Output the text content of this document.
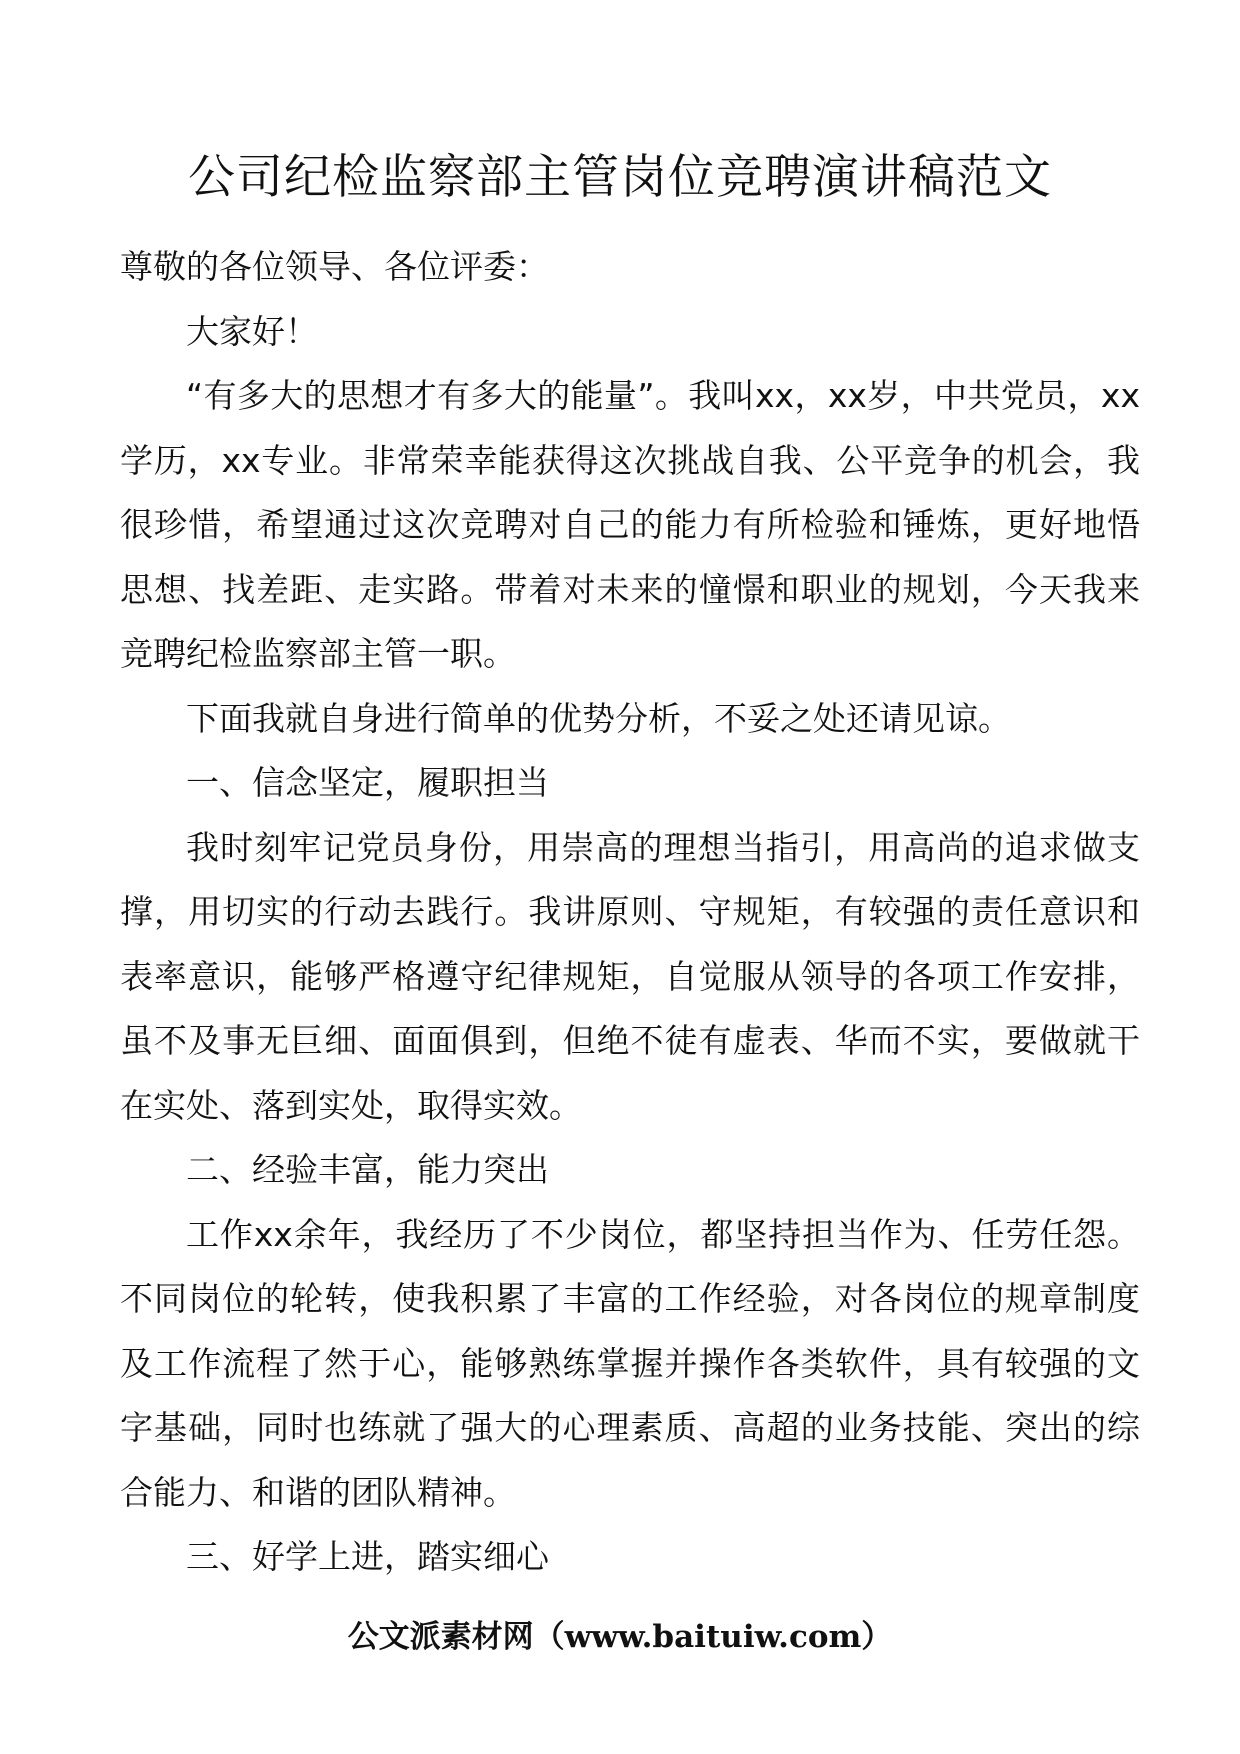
公司纪检监察部主管岗位竞聘演讲稿范文

尊敬的各位领导、各位评委：

大家好！

“有多大的思想才有多大的能量”。我叫xx，xx岁，中共党员，xx学历，xx专业。非常荣幸能获得这次挑战自我、公平竞争的机会，我很珍惜，希望通过这次竞聘对自己的能力有所检验和锤炼，更好地悟思想、找差距、走实路。带着对未来的憧憬和职业的规划，今天我来竞聘纪检监察部主管一职。

下面我就自身进行简单的优势分析，不妥之处还请见谅。

一、信念坚定，履职担当

我时刻牢记党员身份，用崇高的理想当指引，用高尚的追求做支撑，用切实的行动去践行。我讲原则、守规矩，有较强的责任意识和表率意识，能够严格遵守纪律规矩，自觉服从领导的各项工作安排，虽不及事无巨细、面面俱到，但绝不徒有虚表、华而不实，要做就干在实处、落到实处，取得实效。

二、经验丰富，能力突出

工作xx余年，我经历了不少岗位，都坚持担当作为、任劳任怨。不同岗位的轮转，使我积累了丰富的工作经验，对各岗位的规章制度及工作流程了然于心，能够熟练掌握并操作各类软件，具有较强的文字基础，同时也练就了强大的心理素质、高超的业务技能、突出的综合能力、和谐的团队精神。

三、好学上进，踏实细心

公文派素材网（www.baituiw.com）
